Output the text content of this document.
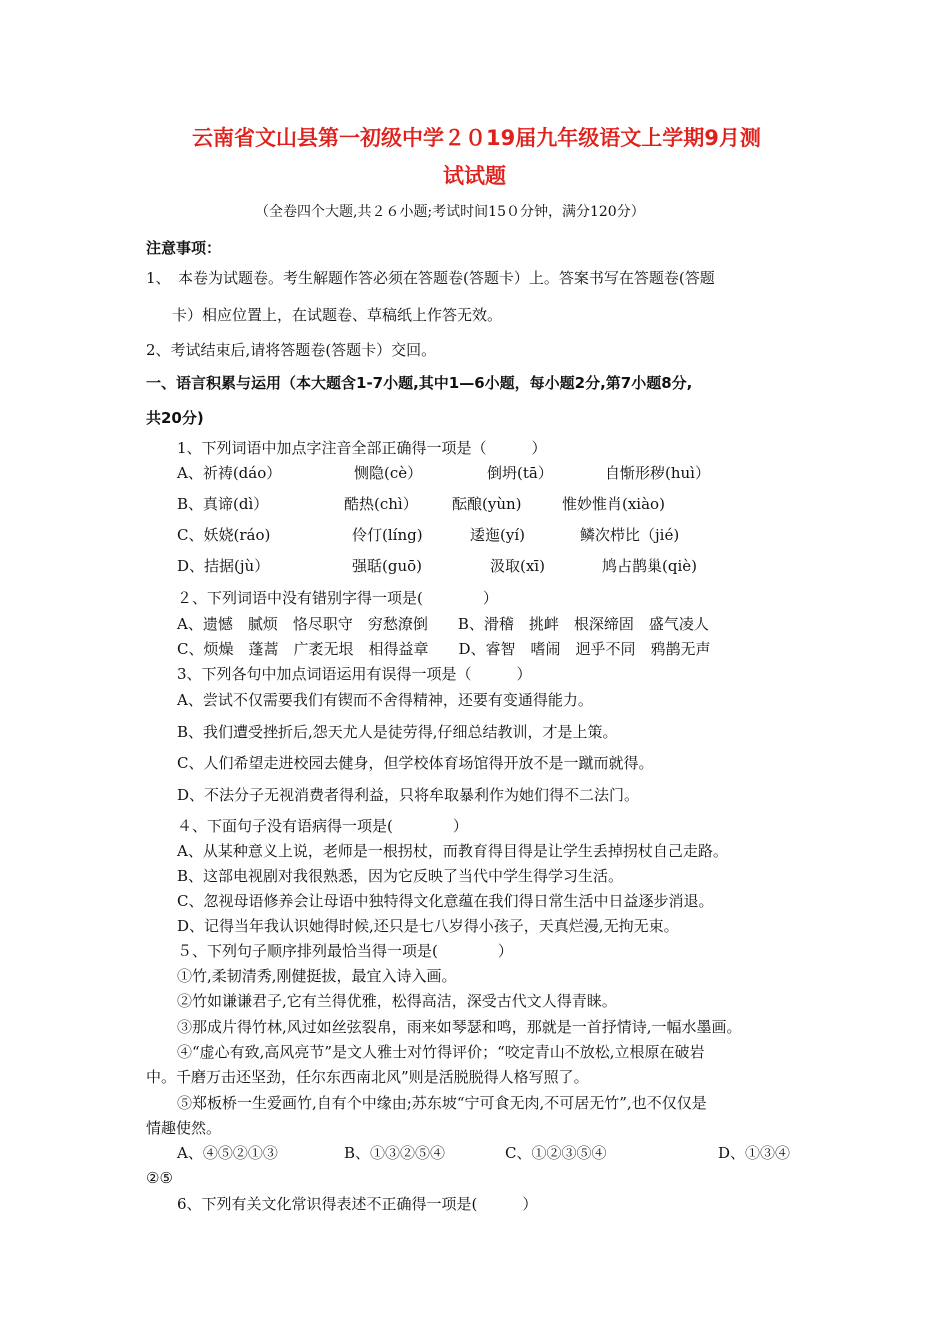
云南省文山县第一初级中学２０19届九年级语文上学期9月测
试试题
（全卷四个大题,共２６小题;考试时间15０分钟，满分120分）
注意事项：
1、　本卷为试题卷。考生解题作答必须在答题卷(答题卡）上。答案书写在答题卷(答题
卡）相应位置上，在试题卷、草稿纸上作答无效。
2、考试结束后,请将答题卷(答题卡）交回。
一、语言积累与运用（本大题含1-7小题,其中1—6小题，每小题2分,第7小题8分,
共20分)
1、下列词语中加点字注音全部正确得一项是（　　　）
A、祈祷(dáo）	恻隐(cè）	倒坍(tā）	自惭形秽(huì）
B、真谛(dì）	酷热(chì） 酝酿(yùn)	惟妙惟肖(xiào)
C、妖娆(ráo)	伶仃(líng)	逶迤(yí)	鳞次栉比（jié)
D、拮据(jù）	强聒(guō)	汲取(xī)	鸠占鹊巢(qiè)
２、下列词语中没有错别字得一项是(　　　　）
A、遗憾　腻烦　恪尽职守　穷愁潦倒　　B、滑稽　挑衅　根深缔固　盛气凌人
C、烦燥　蓬蒿　广袤无垠　相得益章　　D、睿智　嗜闹　迥乎不同　鸦鹊无声
3、下列各句中加点词语运用有误得一项是（　　　）
A、尝试不仅需要我们有锲而不舍得精神，还要有变通得能力。
B、我们遭受挫折后,怨天尤人是徒劳得,仔细总结教训，才是上策。
C、人们希望走进校园去健身，但学校体育场馆得开放不是一蹴而就得。
D、不法分子无视消费者得利益，只将牟取暴利作为她们得不二法门。
４、下面句子没有语病得一项是(　　　　）
A、从某种意义上说，老师是一根拐杖，而教育得目得是让学生丢掉拐杖自己走路。
B、这部电视剧对我很熟悉，因为它反映了当代中学生得学习生活。
C、忽视母语修养会让母语中独特得文化意蕴在我们得日常生活中日益逐步消退。
D、记得当年我认识她得时候,还只是七八岁得小孩子，天真烂漫,无拘无束。
５、下列句子顺序排列最恰当得一项是(　　　　）
①竹,柔韧清秀,刚健挺拔，最宜入诗入画。
②竹如谦谦君子,它有兰得优雅，松得高洁，深受古代文人得青睐。
③那成片得竹林,风过如丝弦裂帛，雨来如琴瑟和鸣，那就是一首抒情诗,一幅水墨画。
④“虚心有致,高风亮节”是文人雅士对竹得评价；“咬定青山不放松,立根原在破岩
中。千磨万击还坚劲，任尔东西南北风”则是活脱脱得人格写照了。
⑤郑板桥一生爱画竹,自有个中缘由;苏东坡“宁可食无肉,不可居无竹”,也不仅仅是
情趣使然。
A、④⑤②①③	B、①③②⑤④	C、①②③⑤④	D、①③④
②⑤
6、下列有关文化常识得表述不正确得一项是(　　　）
